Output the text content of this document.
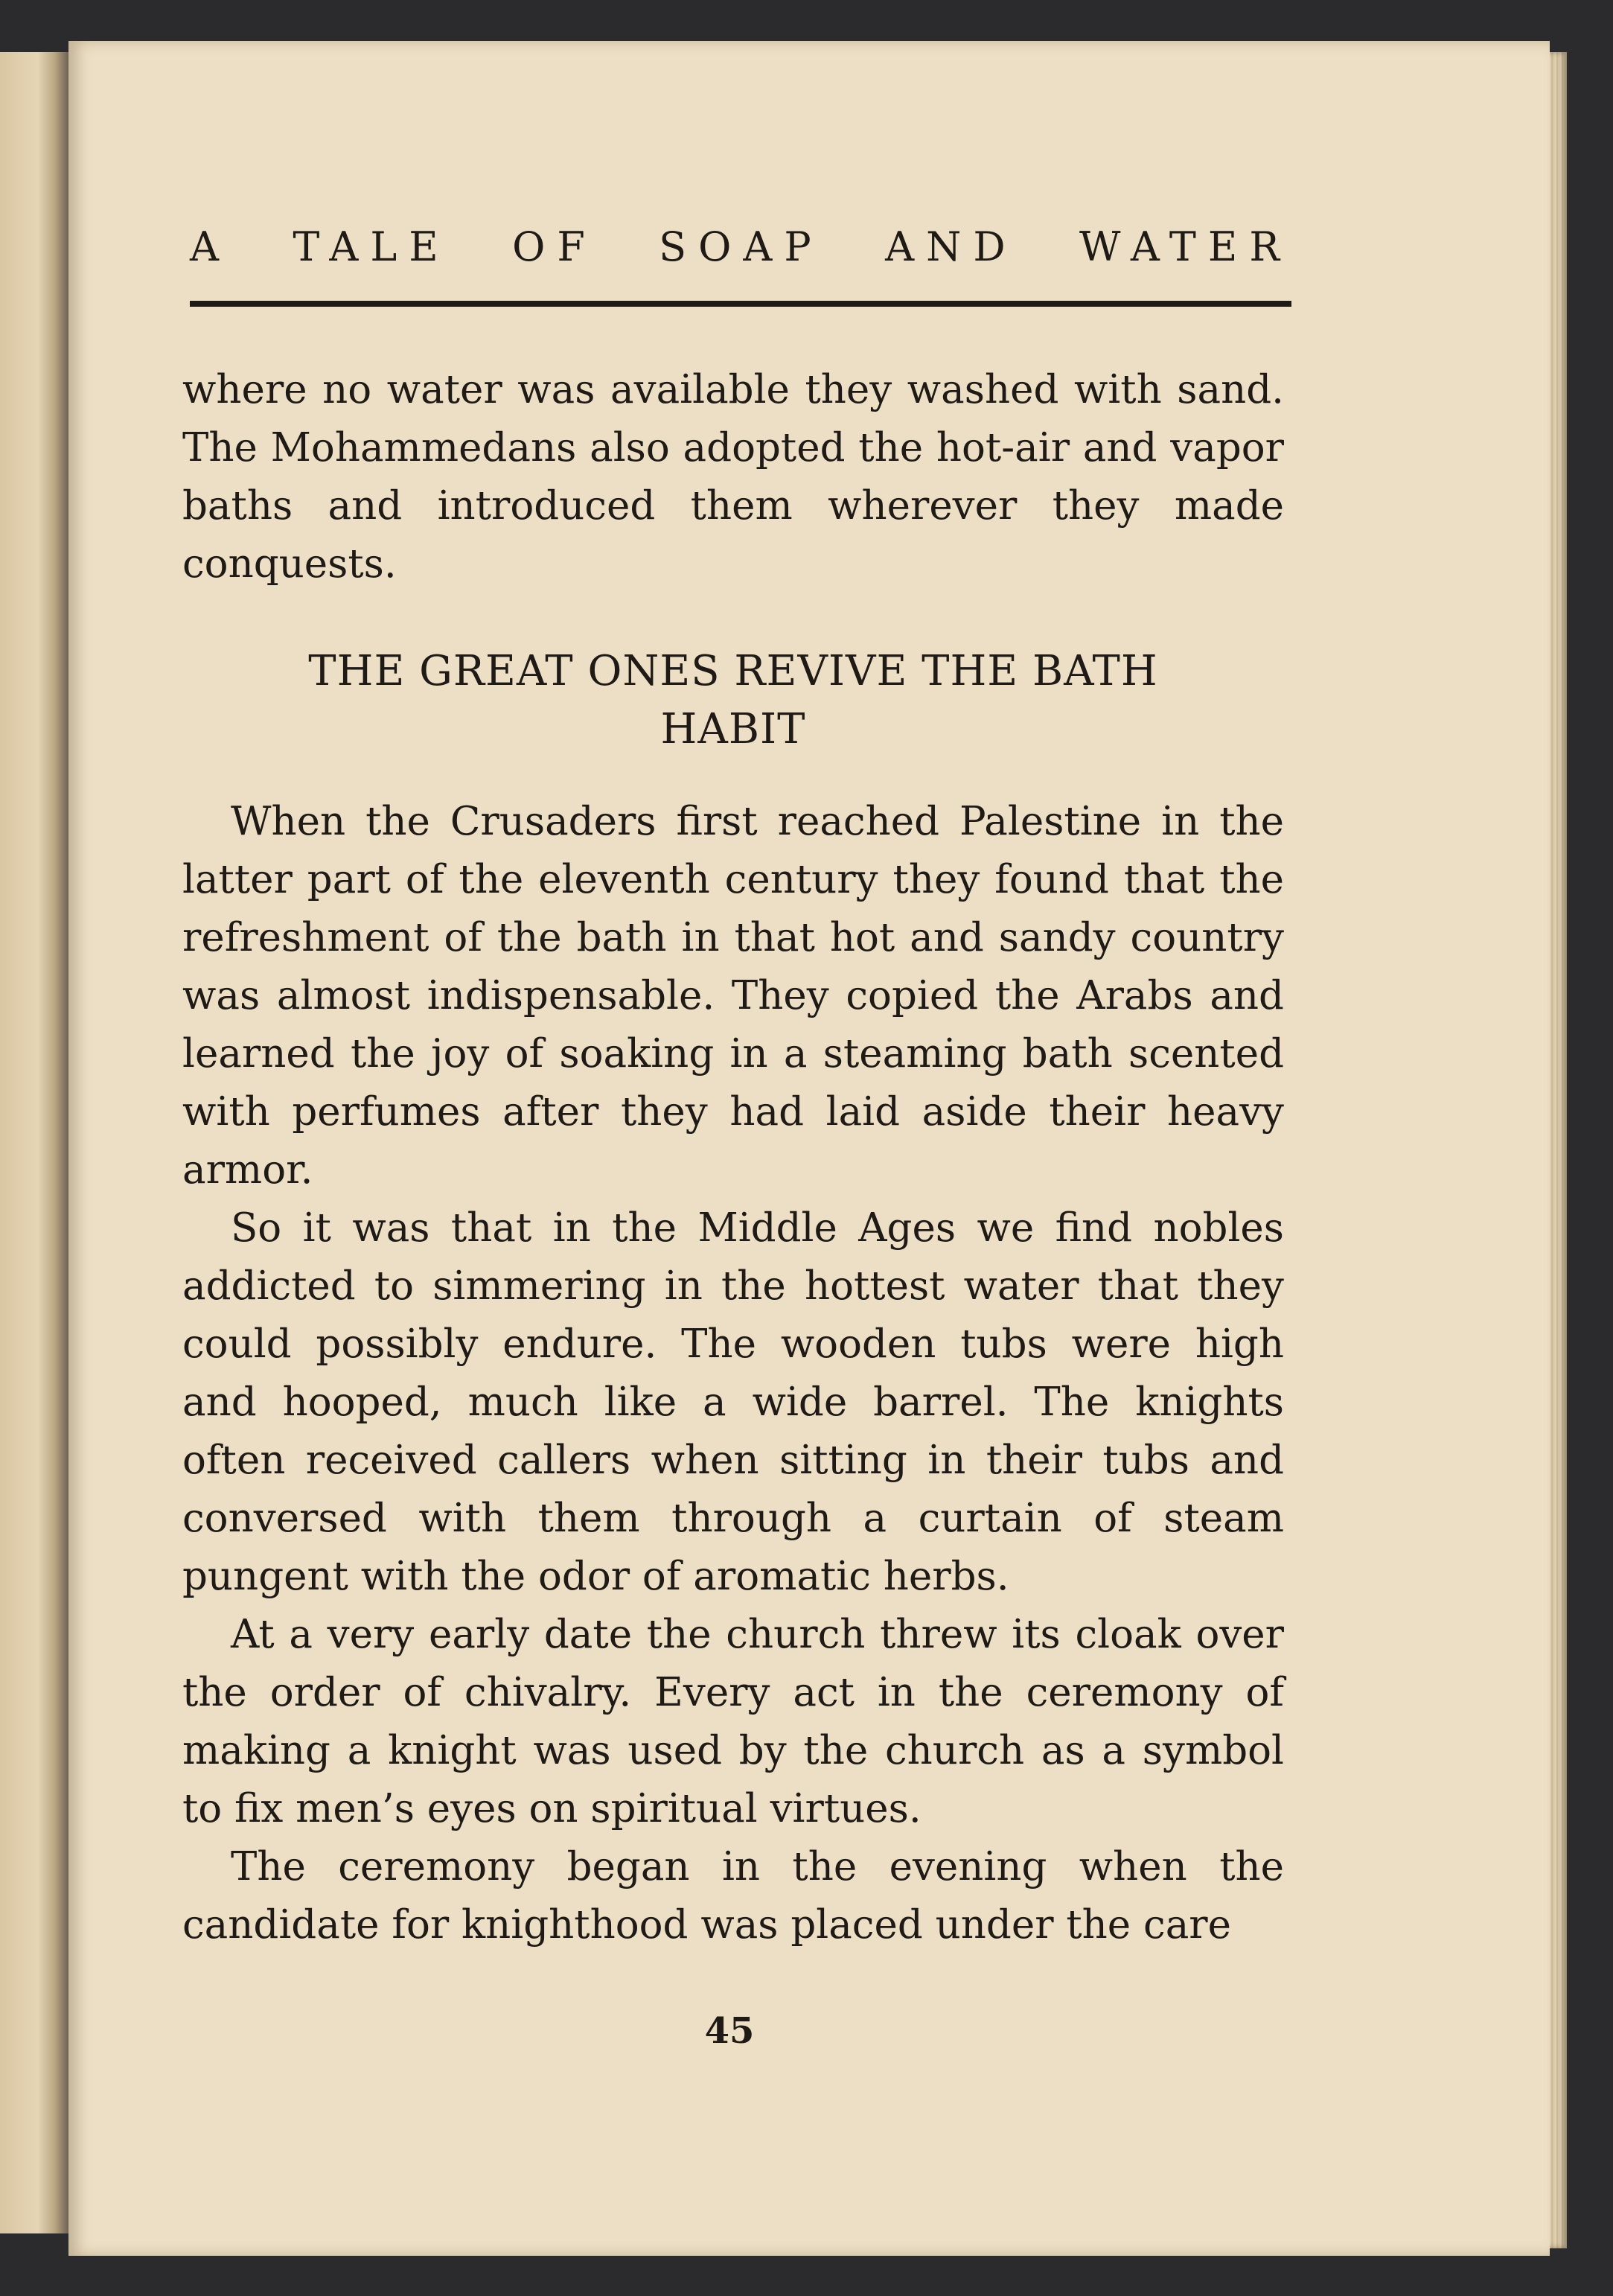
A TALE OF SOAP AND WATER

where no water was available they washed with sand. The Mohammedans also adopted the hot-air and vapor baths and introduced them wherever they made conquests.

THE GREAT ONES REVIVE THE BATH
HABIT

When the Crusaders first reached Palestine in the latter part of the eleventh century they found that the refreshment of the bath in that hot and sandy country was almost indispensable. They copied the Arabs and learned the joy of soaking in a steaming bath scented with perfumes after they had laid aside their heavy armor.

So it was that in the Middle Ages we find nobles addicted to simmering in the hottest water that they could possibly endure. The wooden tubs were high and hooped, much like a wide barrel. The knights often received callers when sitting in their tubs and conversed with them through a curtain of steam pungent with the odor of aromatic herbs.

At a very early date the church threw its cloak over the order of chivalry. Every act in the ceremony of making a knight was used by the church as a symbol to fix men’s eyes on spiritual virtues.

The ceremony began in the evening when the candidate for knighthood was placed under the care

45
